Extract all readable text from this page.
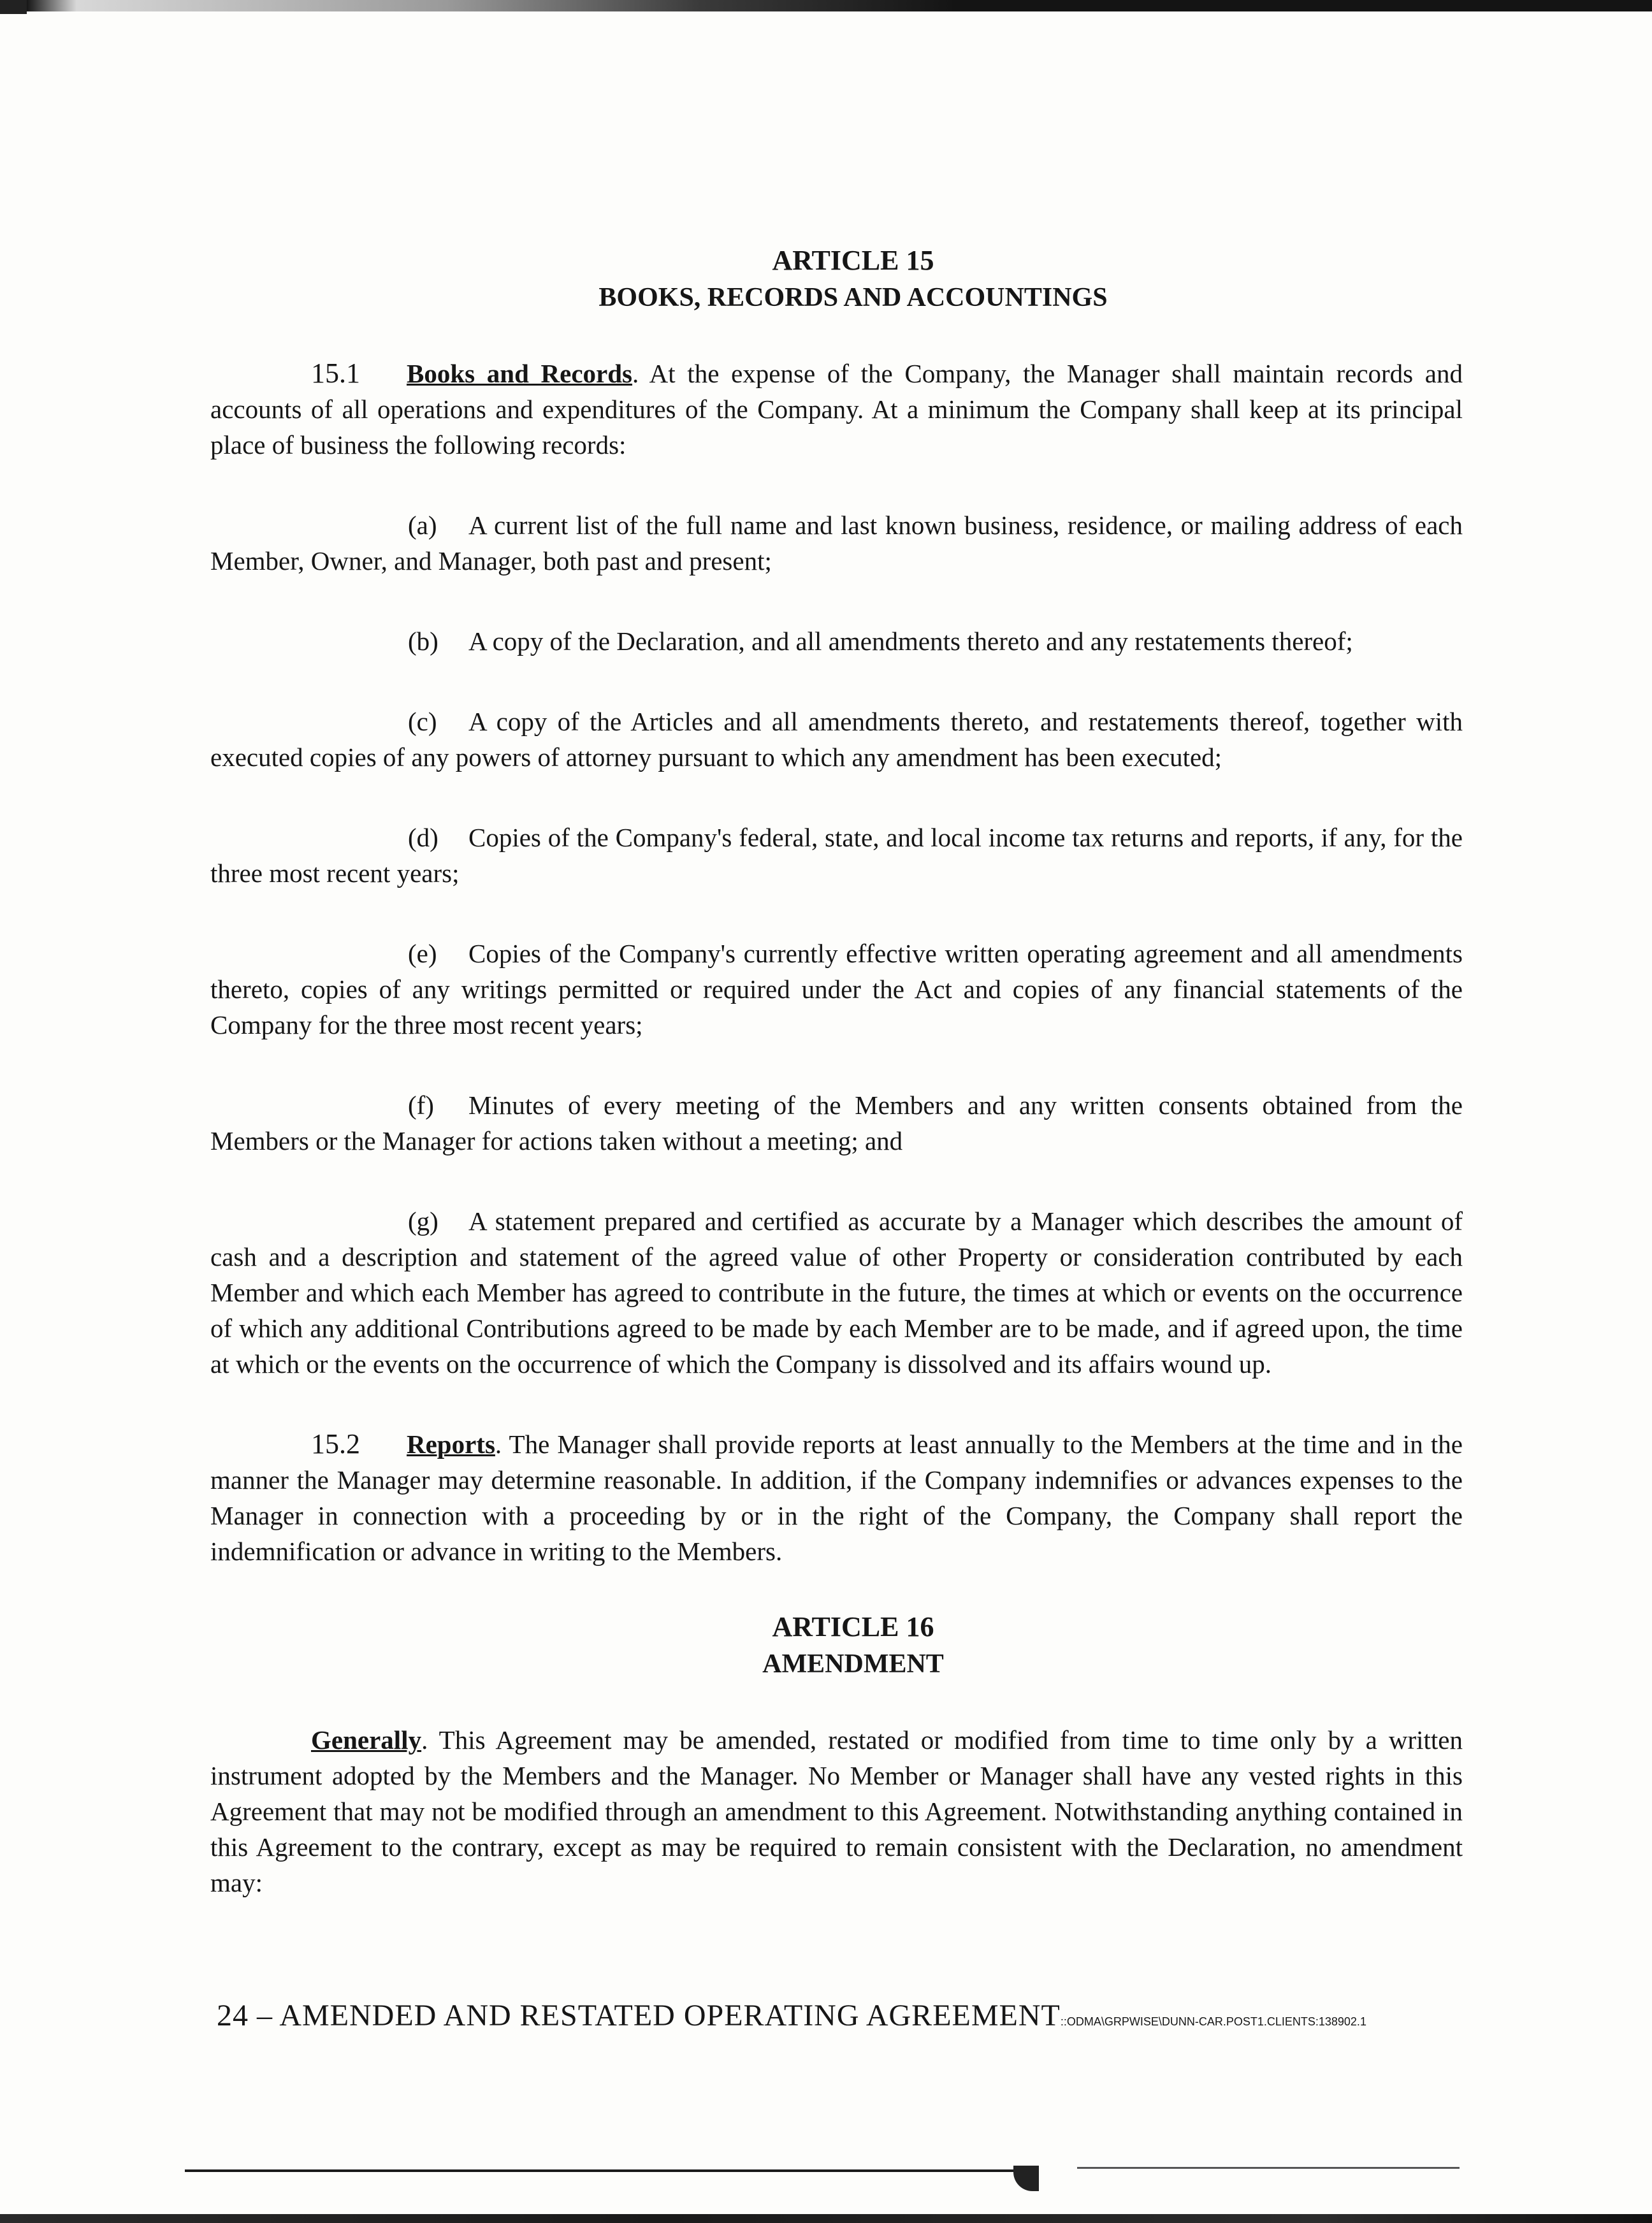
ARTICLE 15
BOOKS, RECORDS AND ACCOUNTINGS

15.1 Books and Records. At the expense of the Company, the Manager shall maintain records and accounts of all operations and expenditures of the Company. At a minimum the Company shall keep at its principal place of business the following records:

(a) A current list of the full name and last known business, residence, or mailing address of each Member, Owner, and Manager, both past and present;

(b) A copy of the Declaration, and all amendments thereto and any restatements thereof;

(c) A copy of the Articles and all amendments thereto, and restatements thereof, together with executed copies of any powers of attorney pursuant to which any amendment has been executed;

(d) Copies of the Company's federal, state, and local income tax returns and reports, if any, for the three most recent years;

(e) Copies of the Company's currently effective written operating agreement and all amendments thereto, copies of any writings permitted or required under the Act and copies of any financial statements of the Company for the three most recent years;

(f) Minutes of every meeting of the Members and any written consents obtained from the Members or the Manager for actions taken without a meeting; and

(g) A statement prepared and certified as accurate by a Manager which describes the amount of cash and a description and statement of the agreed value of other Property or consideration contributed by each Member and which each Member has agreed to contribute in the future, the times at which or events on the occurrence of which any additional Contributions agreed to be made by each Member are to be made, and if agreed upon, the time at which or the events on the occurrence of which the Company is dissolved and its affairs wound up.

15.2 Reports. The Manager shall provide reports at least annually to the Members at the time and in the manner the Manager may determine reasonable. In addition, if the Company indemnifies or advances expenses to the Manager in connection with a proceeding by or in the right of the Company, the Company shall report the indemnification or advance in writing to the Members.

ARTICLE 16
AMENDMENT

Generally. This Agreement may be amended, restated or modified from time to time only by a written instrument adopted by the Members and the Manager. No Member or Manager shall have any vested rights in this Agreement that may not be modified through an amendment to this Agreement. Notwithstanding anything contained in this Agreement to the contrary, except as may be required to remain consistent with the Declaration, no amendment may:

24 – AMENDED AND RESTATED OPERATING AGREEMENT::ODMA\GRPWISE\DUNN-CAR.POST1.CLIENTS:138902.1
